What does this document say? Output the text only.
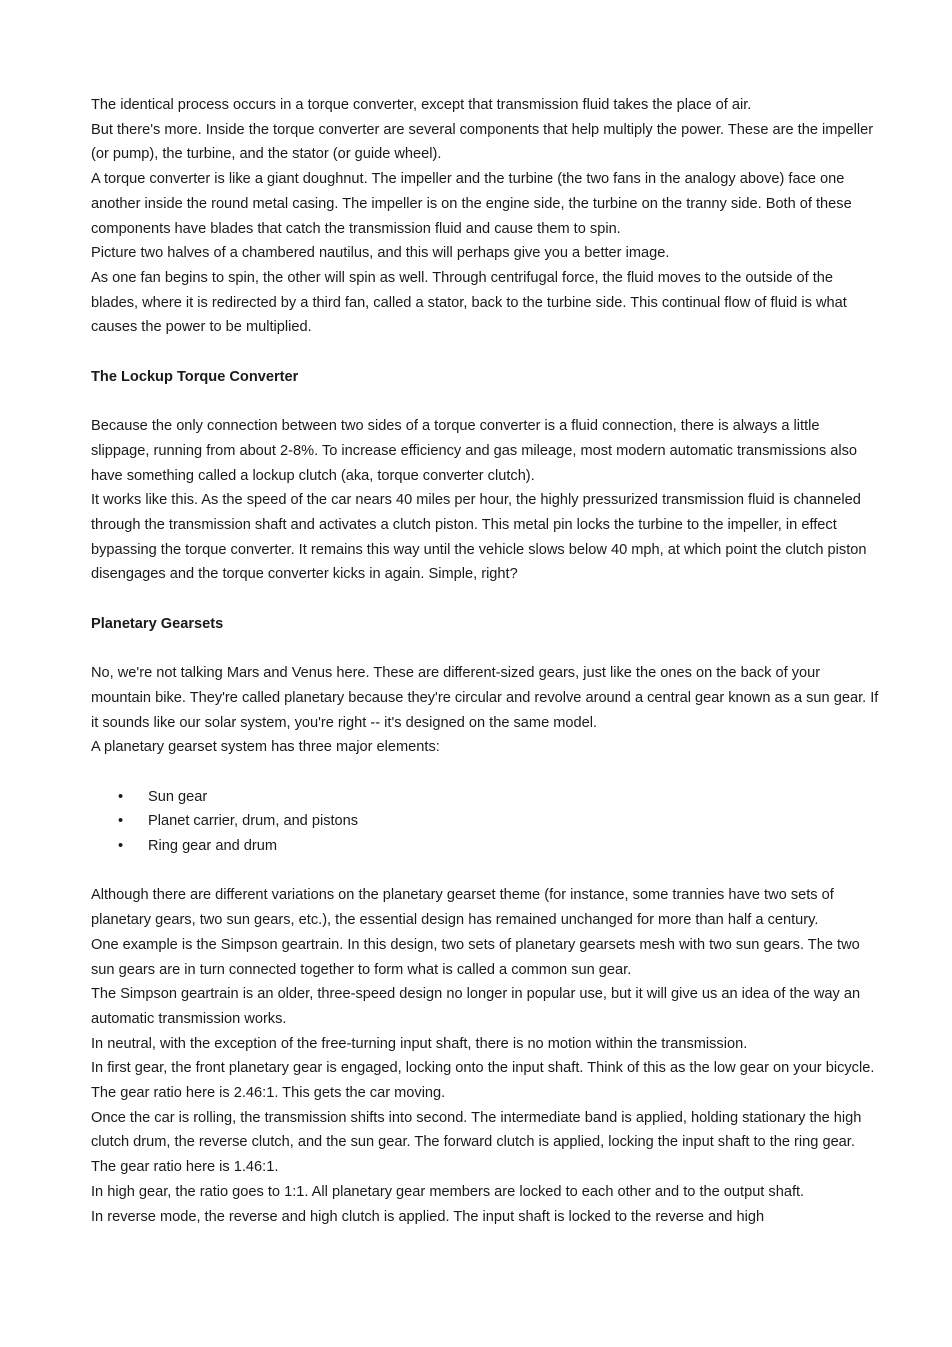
The identical process occurs in a torque converter, except that transmission fluid takes the place of air.

But there's more. Inside the torque converter are several components that help multiply the power. These are the impeller (or pump), the turbine, and the stator (or guide wheel).

A torque converter is like a giant doughnut. The impeller and the turbine (the two fans in the analogy above) face one another inside the round metal casing. The impeller is on the engine side, the turbine on the tranny side. Both of these components have blades that catch the transmission fluid and cause them to spin.

Picture two halves of a chambered nautilus, and this will perhaps give you a better image.

As one fan begins to spin, the other will spin as well. Through centrifugal force, the fluid moves to the outside of the blades, where it is redirected by a third fan, called a stator, back to the turbine side. This continual flow of fluid is what causes the power to be multiplied.

The Lockup Torque Converter

Because the only connection between two sides of a torque converter is a fluid connection, there is always a little slippage, running from about 2-8%. To increase efficiency and gas mileage, most modern automatic transmissions also have something called a lockup clutch (aka, torque converter clutch).

It works like this. As the speed of the car nears 40 miles per hour, the highly pressurized transmission fluid is channeled through the transmission shaft and activates a clutch piston. This metal pin locks the turbine to the impeller, in effect bypassing the torque converter. It remains this way until the vehicle slows below 40 mph, at which point the clutch piston disengages and the torque converter kicks in again. Simple, right?

Planetary Gearsets

No, we're not talking Mars and Venus here. These are different-sized gears, just like the ones on the back of your mountain bike. They're called planetary because they're circular and revolve around a central gear known as a sun gear. If it sounds like our solar system, you're right -- it's designed on the same model.

A planetary gearset system has three major elements:

• Sun gear
• Planet carrier, drum, and pistons
• Ring gear and drum

Although there are different variations on the planetary gearset theme (for instance, some trannies have two sets of planetary gears, two sun gears, etc.), the essential design has remained unchanged for more than half a century.

One example is the Simpson geartrain. In this design, two sets of planetary gearsets mesh with two sun gears. The two sun gears are in turn connected together to form what is called a common sun gear.

The Simpson geartrain is an older, three-speed design no longer in popular use, but it will give us an idea of the way an automatic transmission works.

In neutral, with the exception of the free-turning input shaft, there is no motion within the transmission.

In first gear, the front planetary gear is engaged, locking onto the input shaft. Think of this as the low gear on your bicycle. The gear ratio here is 2.46:1. This gets the car moving.

Once the car is rolling, the transmission shifts into second. The intermediate band is applied, holding stationary the high clutch drum, the reverse clutch, and the sun gear. The forward clutch is applied, locking the input shaft to the ring gear. The gear ratio here is 1.46:1.

In high gear, the ratio goes to 1:1. All planetary gear members are locked to each other and to the output shaft.

In reverse mode, the reverse and high clutch is applied. The input shaft is locked to the reverse and high
